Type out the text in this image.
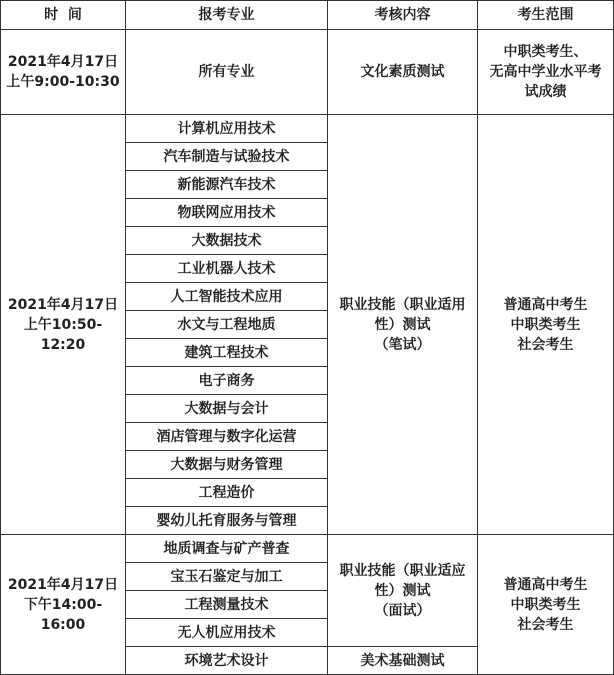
时  间	报考专业	考核内容	考生范围

2021年4月17日
上午9:00-10:30	所有专业	文化素质测试	中职类考生、
无高中学业水平考
试成绩

2021年4月17日
上午10:50-12:20	计算机应用技术	职业技能（职业适用
性）测试
（笔试）	普通高中考生
中职类考生
社会考生

	汽车制造与试验技术		
	新能源汽车技术		
	物联网应用技术		
	大数据技术		
	工业机器人技术		
	人工智能技术应用		
	水文与工程地质		
	建筑工程技术		
	电子商务		
	大数据与会计		
	酒店管理与数字化运营		
	大数据与财务管理		
	工程造价		
	婴幼儿托育服务与管理		

2021年4月17日
下午14:00-16:00	地质调查与矿产普查	职业技能（职业适应
性）测试
（面试）	普通高中考生
中职类考生
社会考生

	宝玉石鉴定与加工		
	工程测量技术		
	无人机应用技术		
	环境艺术设计	美术基础测试	
